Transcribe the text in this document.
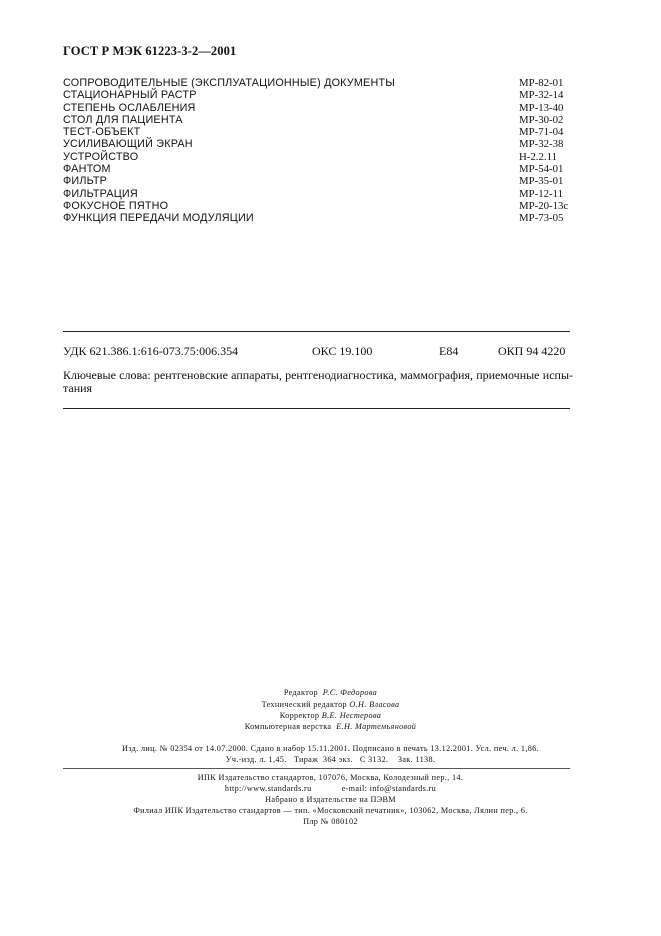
ГОСТ Р МЭК 61223-3-2—2001
СОПРОВОДИТЕЛЬНЫЕ (ЭКСПЛУАТАЦИОННЫЕ) ДОКУМЕНТЫ	МР-82-01
СТАЦИОНАРНЫЙ РАСТР	МР-32-14
СТЕПЕНЬ ОСЛАБЛЕНИЯ	МР-13-40
СТОЛ ДЛЯ ПАЦИЕНТА	МР-30-02
ТЕСТ-ОБЪЕКТ	МР-71-04
УСИЛИВАЮЩИЙ ЭКРАН	МР-32-38
УСТРОЙСТВО	Н-2.2.11
ФАНТОМ	МР-54-01
ФИЛЬТР	МР-35-01
ФИЛЬТРАЦИЯ	МР-12-11
ФОКУСНОЕ ПЯТНО	МР-20-13с
ФУНКЦИЯ ПЕРЕДАЧИ МОДУЛЯЦИИ	МР-73-05
УДК 621.386.1:616-073.75:006.354	ОКС 19.100	Е84	ОКП 94 4220
Ключевые слова: рентгеновские аппараты, рентгенодиагностика, маммография, приемочные испы-тания
Редактор Р.С. Федорова
Технический редактор О.Н. Власова
Корректор В.Е. Нестерова
Компьютерная верстка Е.Н. Мартемьяновой
Изд. лиц. № 02354 от 14.07.2000. Сдано в набор 15.11.2001. Подписано в печать 13.12.2001. Усл. печ. л. 1,86.
Уч.-изд. л. 1,45.   Тираж  364 экз.   С 3132.    Зак. 1138.
ИПК Издательство стандартов, 107076, Москва, Колодезный пер., 14.
http://www.standards.ru	e-mail: info@standards.ru
Набрано в Издательстве на ПЭВМ
Филиал ИПК Издательство стандартов — тип. «Московский печатник», 103062, Москва, Лялин пер., 6.
Плр № 080102
